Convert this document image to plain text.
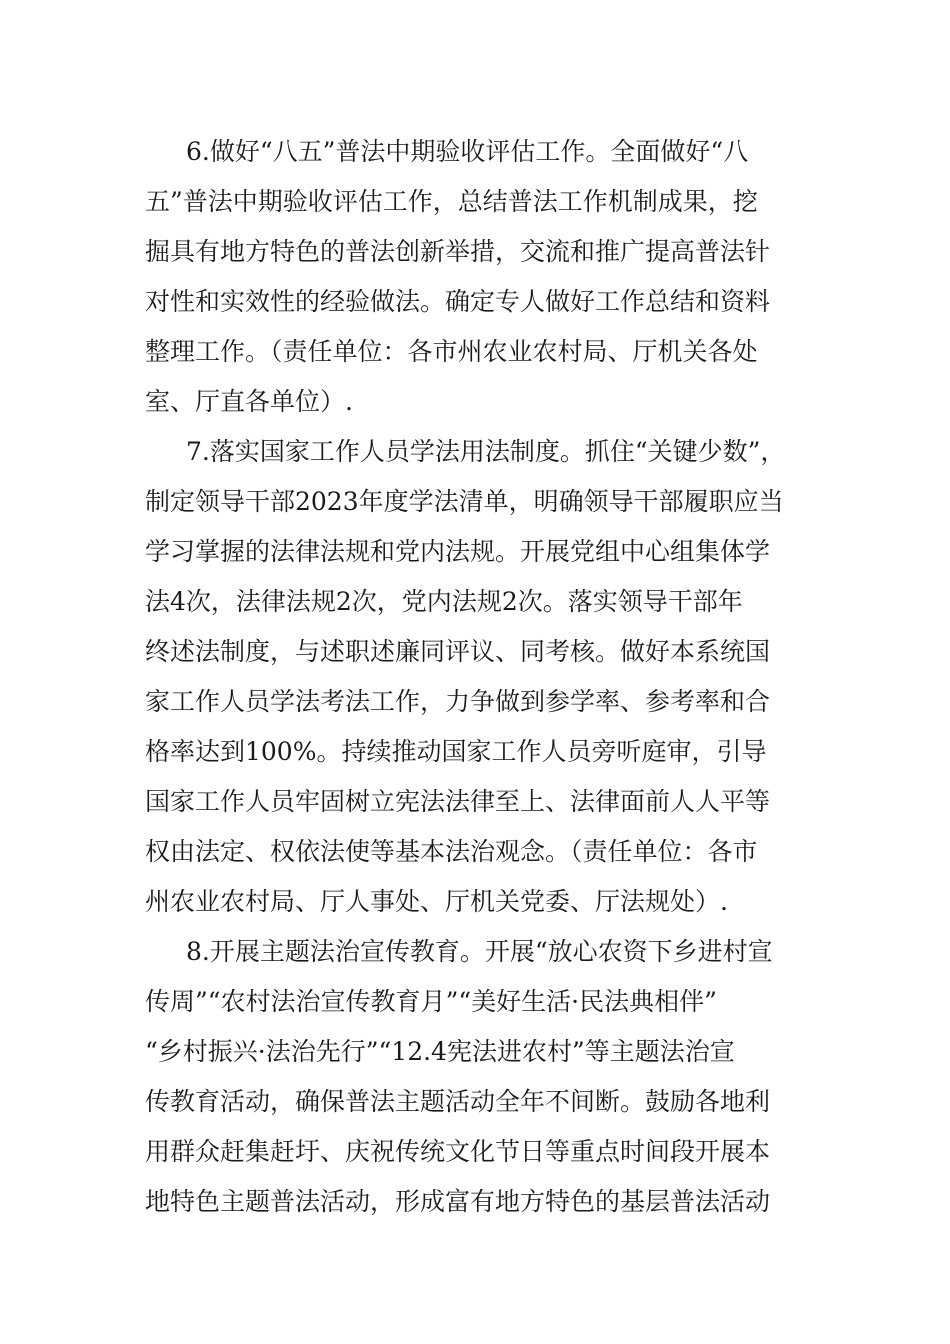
6.做好“八五”普法中期验收评估工作。全面做好“八
五”普法中期验收评估工作，总结普法工作机制成果，挖
掘具有地方特色的普法创新举措，交流和推广提高普法针
对性和实效性的经验做法。确定专人做好工作总结和资料
整理工作。（责任单位：各市州农业农村局、厅机关各处
室、厅直各单位）.
7.落实国家工作人员学法用法制度。抓住“关键少数”，
制定领导干部2023年度学法清单，明确领导干部履职应当
学习掌握的法律法规和党内法规。开展党组中心组集体学
法4次，法律法规2次，党内法规2次。落实领导干部年
终述法制度，与述职述廉同评议、同考核。做好本系统国
家工作人员学法考法工作，力争做到参学率、参考率和合
格率达到100%。持续推动国家工作人员旁听庭审，引导
国家工作人员牢固树立宪法法律至上、法律面前人人平等
权由法定、权依法使等基本法治观念。（责任单位：各市
州农业农村局、厅人事处、厅机关党委、厅法规处）.
8.开展主题法治宣传教育。开展“放心农资下乡进村宣
传周”“农村法治宣传教育月”“美好生活·民法典相伴”
“乡村振兴·法治先行”“12.4宪法进农村”等主题法治宣
传教育活动，确保普法主题活动全年不间断。鼓励各地利
用群众赶集赶圩、庆祝传统文化节日等重点时间段开展本
地特色主题普法活动，形成富有地方特色的基层普法活动
